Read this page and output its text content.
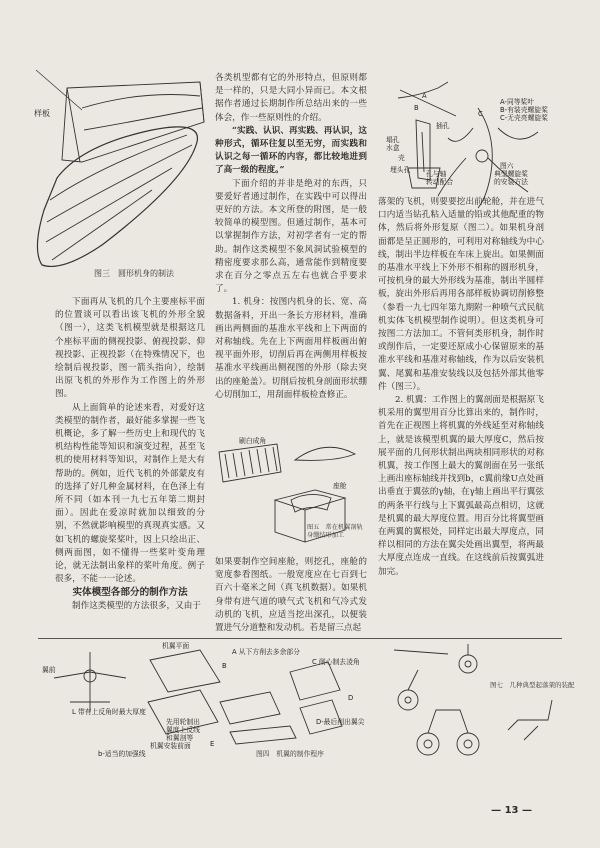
样板
图三　圆形机身的制法

下面再从飞机的几个主要座标平面的位置谈可以看出该飞机的外形全貌（图一），这类飞机模型就是根据这几个座标平面的侧视投影、俯视投影、仰视投影、正视投影（在特殊情况下，也绘制后视投影，图一箭头指向），绘制出原飞机的外形作为工作图上的外形图。

从上面简单的论述来看，对爱好这类模型的制作者，最好能多掌握一些飞机概论，多了解一些历史上和现代的飞机结构性能等知识和演变过程，甚至飞机的使用材料等知识，对制作上是大有帮助的。例如，近代飞机的外部蒙皮有的选择了好几种金属材料，在色泽上有所不同（如本刊一九七五年第二期封面）。因此在爱凉时就加以细致的分别，不然就影响模型的真现真实感。又如飞机的螺旋桨桨叶，因上只绘出正、侧两面图，如不懂得一些桨叶变角理论，就无法制出象样的桨叶角度。例子很多，不能一一论述。

实体模型各部分的制作方法

制作这类模型的方法很多，又由于

各类机型都有它的外形特点，但原则都是一样的，只是大同小异而已。本文根据作者通过长期制作所总结出来的一些体会，作一些原则性的介绍。

“实践、认识、再实践、再认识，这种形式，循环往复以至无穷，而实践和认识之每一循环的内容，都比较地进到了高一级的程度。”

下面介绍的并非是绝对的东西，只要爱好者通过制作，在实践中可以得出更好的方法。本文所登的附图，是一般较简单的模型图。但通过制作，基本可以掌握制作方法，对初学者有一定的帮助。制作这类模型不象风洞试验模型的精密度要求那么高，通常能作到精度要求在百分之零点五左右也就合乎要求了。

1. 机身：按图内机身的长、宽、高数据备料，开出一条长方形材料，准确画出两侧面的基准水平线和上下两面的对称轴线。先在上下两面用样板画出俯视平面外形，切削后再在两侧用样板按基准水平线画出侧视图的外形（除去突出的座舱盖）。切削后按机身剖面形状绷心切削加工，用刮面样板检查修正。

刷白成角
座舱
图五　常在机翼剖轨身绷结形加工

如果要制作空间座舱，则挖孔，座舱的宽度参看图纸。一般宽度应在七百到七百六十毫米之间（真飞机数据）。如果机身带有进气道的喷气式飞机和气冷式发动机的飞机，应适当挖出深孔，以便装置进气分道整和发动机。若是留三点起

A
B
C
A-同等桨叶
B-有装壳螺旋桨
C-无壳亮螺旋桨
插孔
塌孔
水盒
壳
埋头孔 孔与轴
转动配合
图六
典型螺旋桨
的安装方法

落架的飞机，则要要挖出前轮舱，并在进气口内适当钻孔粘入适量的铅或其他配重的物体，然后将外形复原（图二）。如果机身剖面都是呈正圆形的，可利用对称轴线为中心线，制出半边样板在车床上旋出。如果侧面的基准水平线上下外形不相称的圆形机身，可按机身的最大外形线为基准，制出半圆样板，旋出外形后再用各部样板协调切削修整（参看一九七四年第九期附一种喷气式民航机实体飞机模型制作说明）。但这类机身可按图二方法加工。不管何类形机身，制作时或削作后，一定要还原成小心保留原来的基准水平线和基准对称轴线，作为以后安装机翼、尾翼和基准安装线以及包括外部其他零件（图三）。

2. 机翼：工作图上的翼剖面是根据原飞机采用的翼型用百分比算出来的，制作时，首先在正视图上将机翼的外线延至对称轴线上，就是该模型机翼的最大厚度C，然后按展平面的几何形状制出两块相同形状的对称机翼，按工作图上最大的翼剖面在另一张纸上画出座标轴线并找到b，c翼前缘U点处画出垂直于翼弦的γ轴，在γ轴上画出平行翼弦的两条平行线与上下翼弧最高点相切，这就是机翼的最大厚度位置。用百分比将翼型画在两翼的翼根处，同样定出最大厚度点，同样以相同的方法在翼尖处画出翼型，将两最大厚度点连成一直线。在这线前后按翼弧进加完。

机翼平面
A 从下方削去多余部分
B	C 削心制去凌角
D
D-最后削出翼尖
翼前
L 带有上反角时最大厚度
机翼安装前面	E
先用轮制出
翼度上反线
和翼剖等
b-适当的加强线	图四　机翼的制作程序
图七　几种典型起落架的装配
— 13 —
